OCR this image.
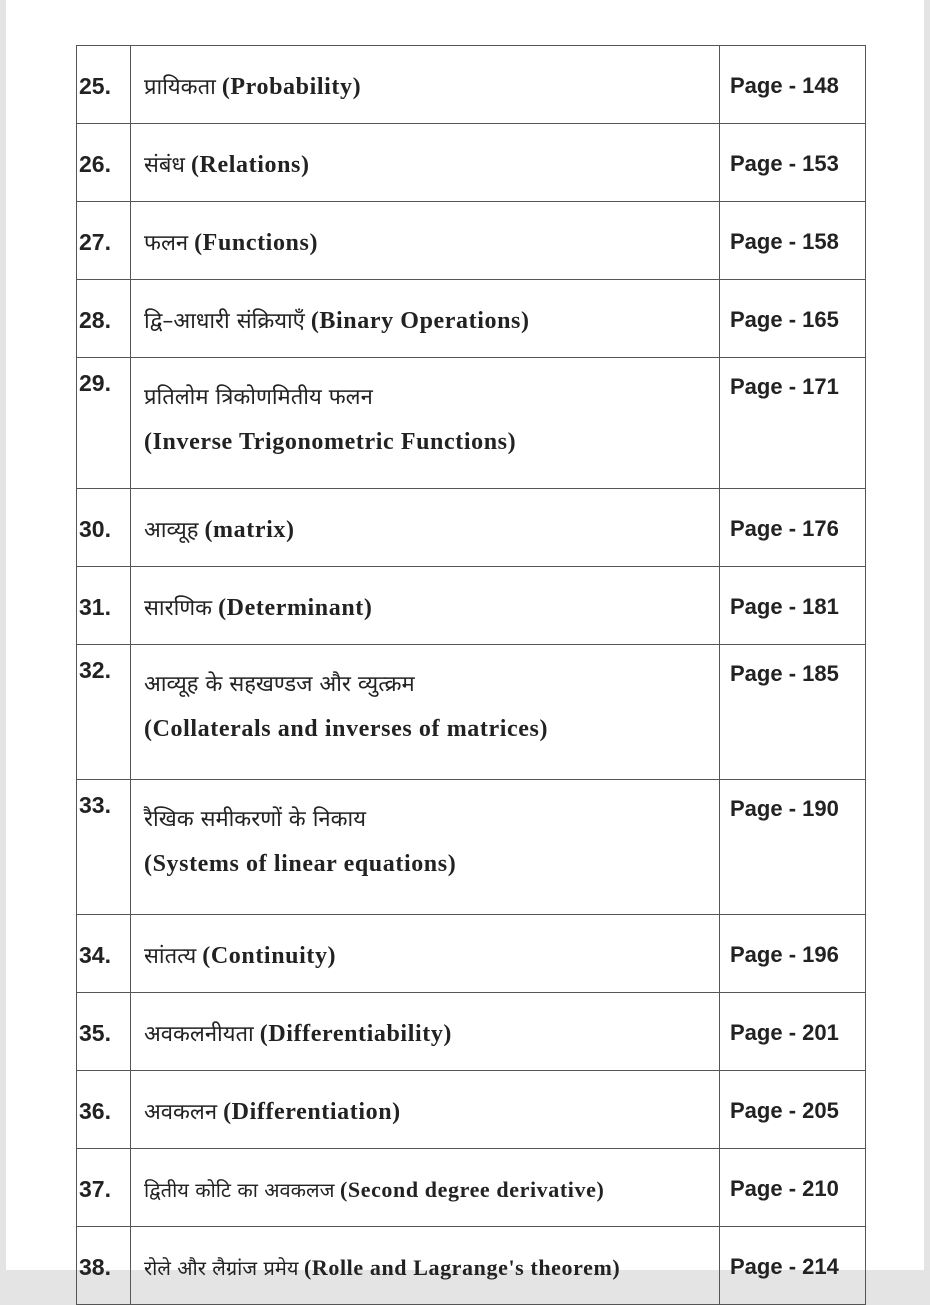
25.	प्रायिकता (Probability)	Page - 148
26.	संबंध (Relations)	Page - 153
27.	फलन (Functions)	Page - 158
28.	द्वि–आधारी संक्रियाएँ (Binary Operations)	Page - 165
29.	प्रतिलोम त्रिकोणमितीय फलन
(Inverse Trigonometric Functions)	Page - 171
30.	आव्यूह (matrix)	Page - 176
31.	सारणिक (Determinant)	Page - 181
32.	आव्यूह के सहखण्डज और व्युत्क्रम
(Collaterals and inverses of matrices)	Page - 185
33.	रैखिक समीकरणों के निकाय
(Systems of linear equations)	Page - 190
34.	सांतत्य (Continuity)	Page - 196
35.	अवकलनीयता (Differentiability)	Page - 201
36.	अवकलन (Differentiation)	Page - 205
37.	द्वितीय कोटि का अवकलज (Second degree derivative)	Page - 210
38.	रोले और लैग्रांज प्रमेय (Rolle and Lagrange's theorem)	Page - 214
